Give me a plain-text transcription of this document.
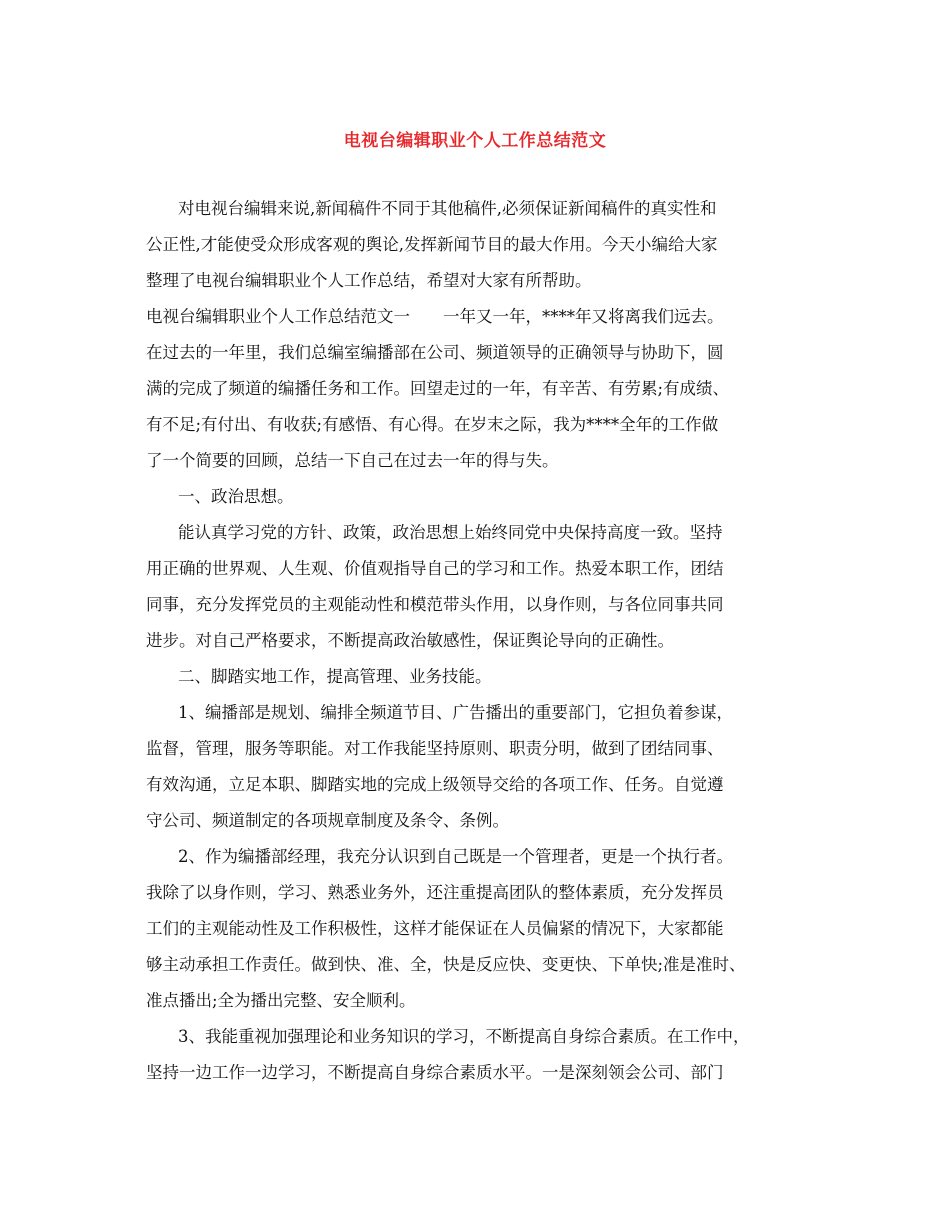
电视台编辑职业个人工作总结范文
对电视台编辑来说,新闻稿件不同于其他稿件,必须保证新闻稿件的真实性和
公正性,才能使受众形成客观的舆论,发挥新闻节目的最大作用。今天小编给大家
整理了电视台编辑职业个人工作总结，希望对大家有所帮助。
电视台编辑职业个人工作总结范文一　　一年又一年，****年又将离我们远去。
在过去的一年里，我们总编室编播部在公司、频道领导的正确领导与协助下，圆
满的完成了频道的编播任务和工作。回望走过的一年，有辛苦、有劳累;有成绩、
有不足;有付出、有收获;有感悟、有心得。在岁末之际，我为****全年的工作做
了一个简要的回顾，总结一下自己在过去一年的得与失。
一、政治思想。
能认真学习党的方针、政策，政治思想上始终同党中央保持高度一致。坚持
用正确的世界观、人生观、价值观指导自己的学习和工作。热爱本职工作，团结
同事，充分发挥党员的主观能动性和模范带头作用，以身作则，与各位同事共同
进步。对自己严格要求，不断提高政治敏感性，保证舆论导向的正确性。
二、脚踏实地工作，提高管理、业务技能。
1、编播部是规划、编排全频道节目、广告播出的重要部门，它担负着参谋，
监督，管理，服务等职能。对工作我能坚持原则、职责分明，做到了团结同事、
有效沟通，立足本职、脚踏实地的完成上级领导交给的各项工作、任务。自觉遵
守公司、频道制定的各项规章制度及条令、条例。
2、作为编播部经理，我充分认识到自己既是一个管理者，更是一个执行者。
我除了以身作则，学习、熟悉业务外，还注重提高团队的整体素质，充分发挥员
工们的主观能动性及工作积极性，这样才能保证在人员偏紧的情况下，大家都能
够主动承担工作责任。做到快、准、全，快是反应快、变更快、下单快;准是准时、
准点播出;全为播出完整、安全顺利。
3、我能重视加强理论和业务知识的学习，不断提高自身综合素质。在工作中，
坚持一边工作一边学习，不断提高自身综合素质水平。一是深刻领会公司、部门
